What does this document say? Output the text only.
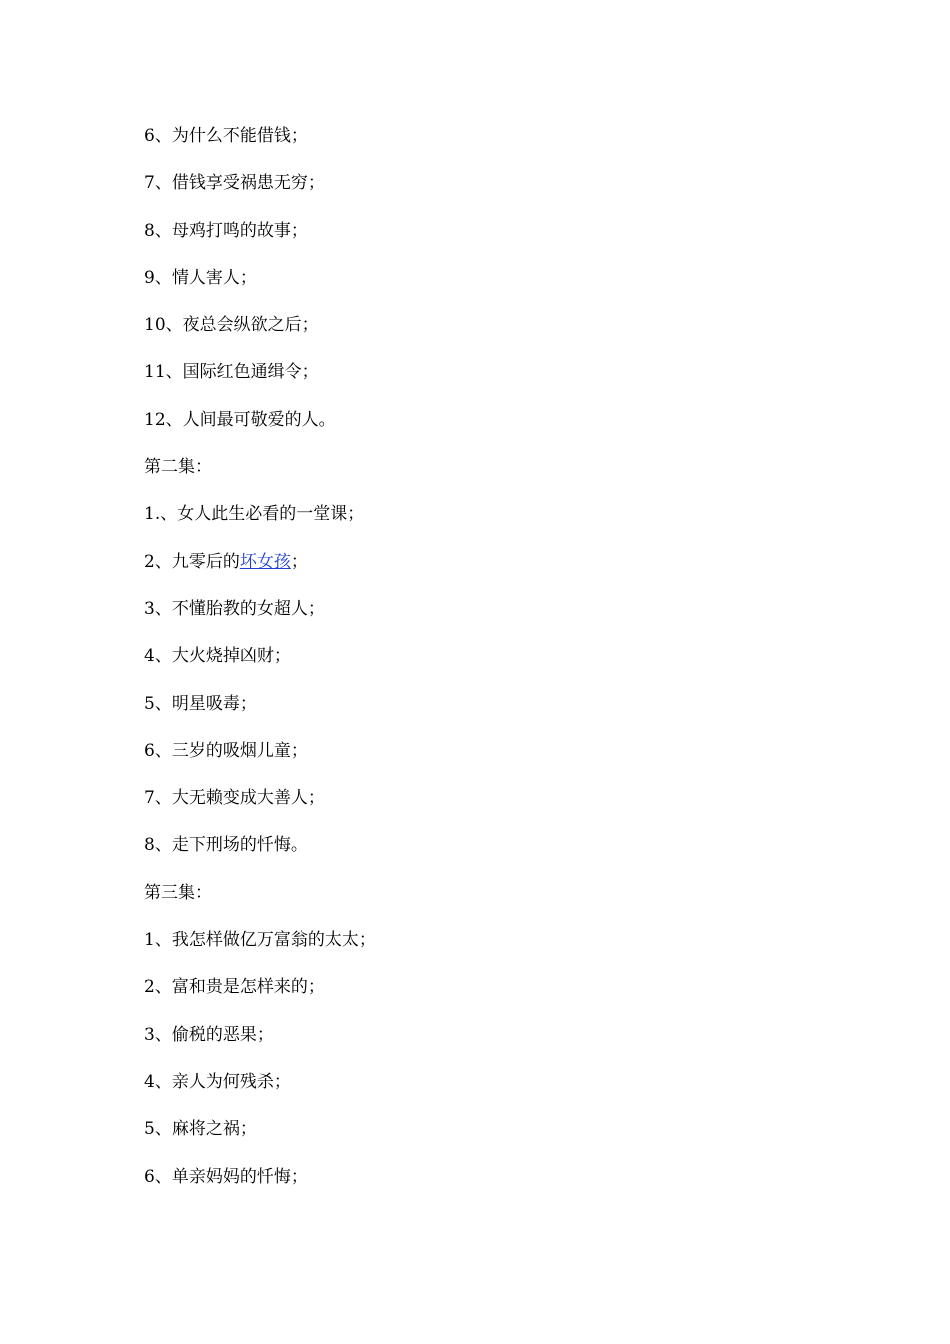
6、为什么不能借钱；
7、借钱享受祸患无穷；
8、母鸡打鸣的故事；
9、情人害人；
10、夜总会纵欲之后；
11、国际红色通缉令；
12、人间最可敬爱的人。
第二集：
1.、女人此生必看的一堂课；
2、九零后的坏女孩；
3、不懂胎教的女超人；
4、大火烧掉凶财；
5、明星吸毒；
6、三岁的吸烟儿童；
7、大无赖变成大善人；
8、走下刑场的忏悔。
第三集：
1、我怎样做亿万富翁的太太；
2、富和贵是怎样来的；
3、偷税的恶果；
4、亲人为何残杀；
5、麻将之祸；
6、单亲妈妈的忏悔；
